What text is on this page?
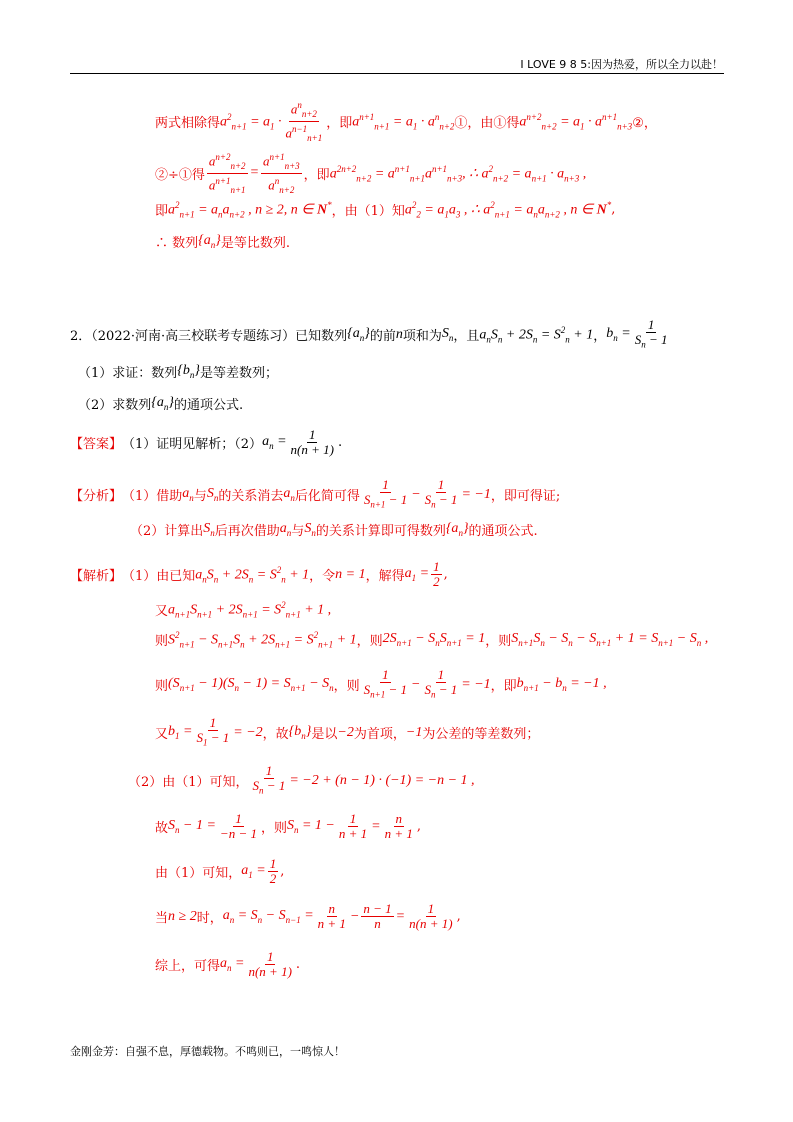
I LOVE 9 8 5:因为热爱，所以全力以赴！
两式相除得 $a^2_{n+1} = a_1 \cdot \frac{a^n_{n+2}}{a^{n-1}_{n+1}}$ ，即 $a^{n+1}_{n+1} = a_1 \cdot a^n_{n+2}$ ①，由①得 $a^{n+2}_{n+2} = a_1 \cdot a^{n+1}_{n+3}$ ②，
②÷①得 $\frac{a^{n+2}_{n+2}}{a^{n+1}_{n+1}} = \frac{a^{n+1}_{n+3}}{a^n_{n+2}}$ ，即 $a^{2n+2}_{n+2} = a^{n+1}_{n+1}a^{n+1}_{n+3}$, ∴ $a^2_{n+2} = a_{n+1} \cdot a_{n+3}$ ,
即 $a^2_{n+1} = a_na_{n+2}$ , n ≥ 2, n ∈ N* ，由（1）知 $a^2_2 = a_1a_3$ , ∴ $a^2_{n+1} = a_na_{n+2}$ , n ∈ N* ,
∴ 数列 $\{a_n\}$ 是等比数列.
2．（2022·河南·高三校联考专题练习）已知数列 $\{a_n\}$ 的前 n 项和为 $S_n$ ，且 $a_nS_n + 2S_n = S^2_n + 1$ ， $b_n = \frac{1}{S_n - 1}$
（1）求证：数列 $\{b_n\}$ 是等差数列；
（2）求数列 $\{a_n\}$ 的通项公式.
【答案】 （1）证明见解析；（2） $a_n = \frac{1}{n(n + 1)}$ .
【分析】 （1）借助 $a_n$ 与 $S_n$ 的关系消去 $a_n$ 后化简可得 $\frac{1}{S_{n+1} - 1} - \frac{1}{S_n - 1} = -1$ ，即可得证;
（2）计算出 $S_n$ 后再次借助 $a_n$ 与 $S_n$ 的关系计算即可得数列 $\{a_n\}$ 的通项公式.
【解析】 （1）由已知 $a_nS_n + 2S_n = S^2_n + 1$ ，令 n = 1 ，解得 $a_1 = \frac{1}{2}$ ,
又 $a_{n+1}S_{n+1} + 2S_{n+1} = S^2_{n+1} + 1$ ,
则 $S^2_{n+1} - S_{n+1}S_n + 2S_{n+1} = S^2_{n+1} + 1$ ，则 $2S_{n+1} - S_nS_{n+1} = 1$ ，则 $S_{n+1}S_n - S_n - S_{n+1} + 1 = S_{n+1} - S_n$ ,
则 $(S_{n+1} - 1)(S_n - 1) = S_{n+1} - S_n$ ，则 $\frac{1}{S_{n+1} - 1} - \frac{1}{S_n - 1} = -1$ ，即 $b_{n+1} - b_n = -1$ ,
又 $b_1 = \frac{1}{S_1 - 1} = -2$ ，故 $\{b_n\}$ 是以 −2 为首项， −1 为公差的等差数列；
（2）由（1）可知， $\frac{1}{S_n - 1} = -2 + (n - 1) \cdot (-1) = -n - 1$ ,
故 $S_n - 1 = \frac{1}{-n - 1}$ ，则 $S_n = 1 - \frac{1}{n + 1} = \frac{n}{n + 1}$ ,
由（1）可知， $a_1 = \frac{1}{2}$ ,
当 n ≥ 2 时， $a_n = S_n - S_{n-1} = \frac{n}{n + 1} - \frac{n - 1}{n} = \frac{1}{n(n + 1)}$ ,
综上，可得 $a_n = \frac{1}{n(n + 1)}$ .
金刚金芳：自强不息，厚德载物。不鸣则已，一鸣惊人！
